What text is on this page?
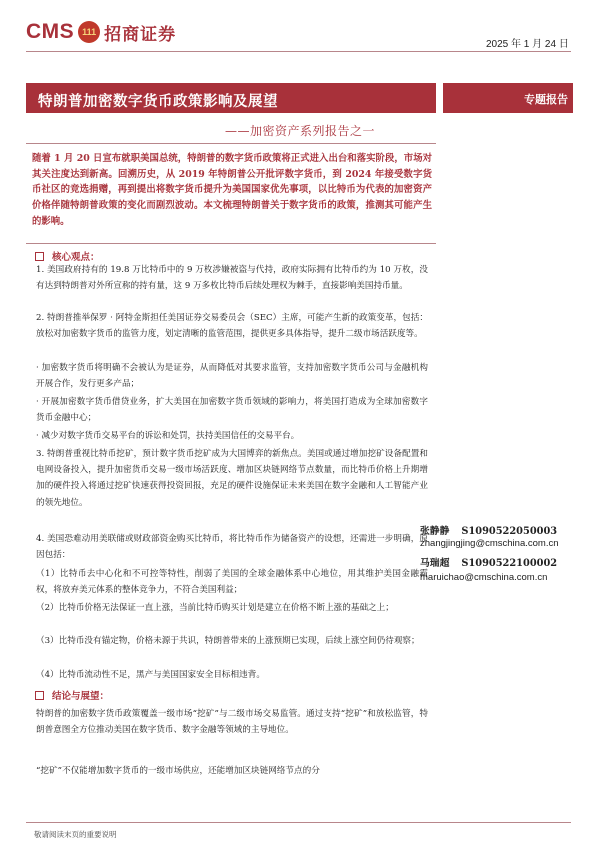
CMS 111 招商证券	2025 年 1 月 24 日
特朗普加密数字货币政策影响及展望	专题报告
——加密资产系列报告之一

随着 1 月 20 日宣布就职美国总统，特朗普的数字货币政策将正式进入出台和落实阶段，市场对其关注度达到新高。回溯历史，从 2019 年特朗普公开批评数字货币，到 2024 年接受数字货币社区的竞选捐赠，再到提出将数字货币提升为美国国家优先事项，以比特币为代表的加密资产价格伴随特朗普政策的变化而剧烈波动。本文梳理特朗普关于数字货币的政策，推测其可能产生的影响。

核心观点：

1. 美国政府持有的 19.8 万比特币中的 9 万枚涉嫌被盗与代持，政府实际拥有比特币约为 10 万枚，没有达到特朗普对外所宣称的持有量，这 9 万多枚比特币后续处理权为棘手，直接影响美国持币量。

2. 特朗普推举保罗 · 阿特金斯担任美国证券交易委员会（SEC）主席，可能产生新的政策变革，包括：放松对加密数字货币的监管力度，划定清晰的监管范围，提供更多具体指导，提升二级市场活跃度等。

· 加密数字货币将明确不会被认为是证券，从而降低对其要求监管，支持加密数字货币公司与金融机构开展合作，发行更多产品；

· 开展加密数字货币借贷业务，扩大美国在加密数字货币领域的影响力，将美国打造成为全球加密数字货币金融中心；

· 减少对数字货币交易平台的诉讼和处罚，扶持美国信任的交易平台。

3. 特朗普重视比特币挖矿，预计数字货币挖矿成为大国博弈的新焦点。美国或通过增加挖矿设备配置和电网设备投入，提升加密货币交易一级市场活跃度、增加区块链网络节点数量，而比特币价格上升期增加的硬件投入将通过挖矿快速获得投资回报，充足的硬件设施保证未来美国在数字金融和人工智能产业的领先地位。

4. 美国恐难动用美联储或财政部资金购买比特币，将比特币作为储备资产的设想，还需进一步明确，原因包括：

（1）比特币去中心化和不可控等特性，削弱了美国的全球金融体系中心地位，用其维护美国金融霸权，将放弃美元体系的整体竞争力，不符合美国利益；

（2）比特币价格无法保证一直上涨，当前比特币购买计划是建立在价格不断上涨的基础之上；

（3）比特币没有锚定物，价格未源于共识，特朗普带来的上涨预期已实现，后续上涨空间仍待观察；

（4）比特币流动性不足，黑产与美国国家安全目标相违背。

结论与展望：

特朗普的加密数字货币政策覆盖一级市场“挖矿”与二级市场交易监管。通过支持“挖矿”和放松监管，特朗普意图全方位推动美国在数字货币、数字金融等领域的主导地位。

“挖矿”不仅能增加数字货币的一级市场供应，还能增加区块链网络节点的分

张静静 S1090522050003
zhangjingjing@cmschina.com.cn
马瑞超 S1090522100002
maruichao@cmschina.com.cn
敬请阅读末页的重要说明
